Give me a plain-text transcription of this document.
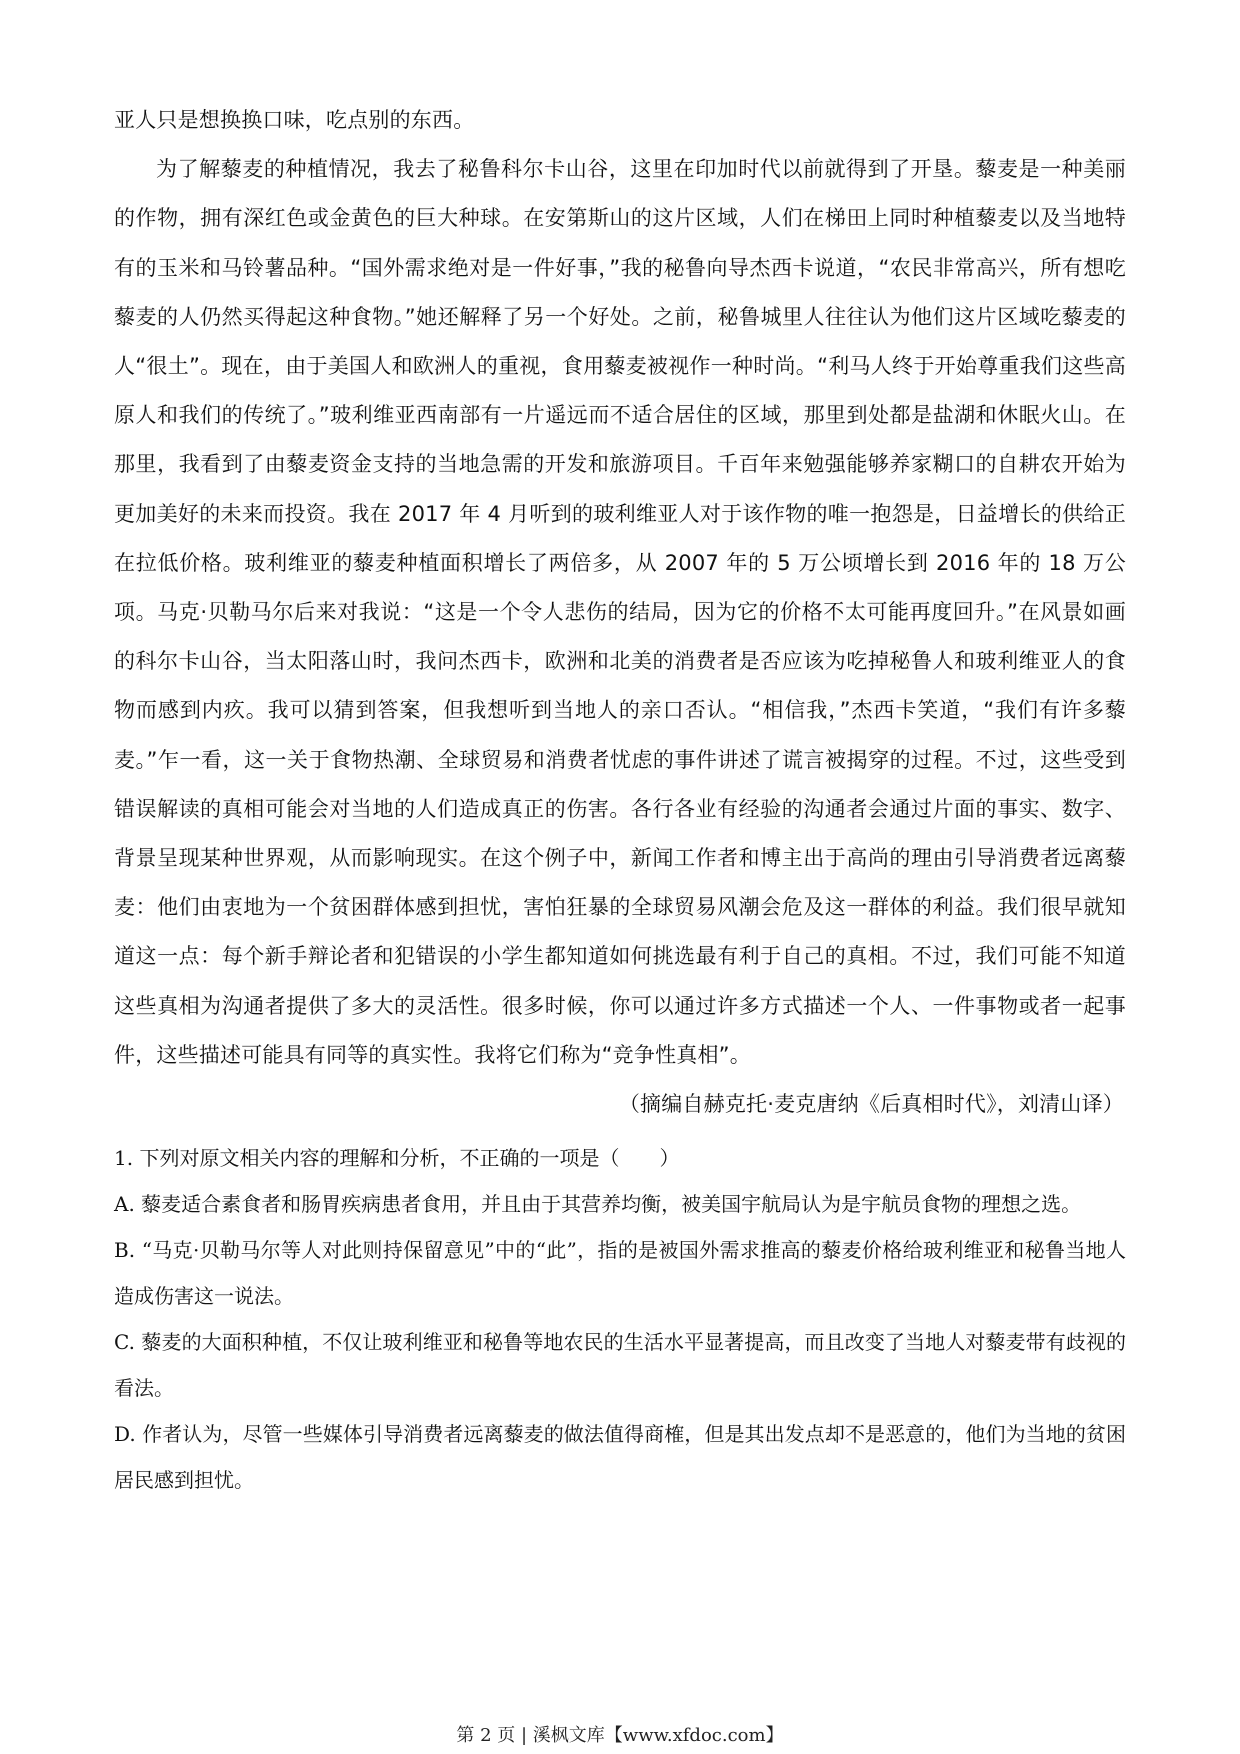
亚人只是想换换口味，吃点别的东西。

为了解藜麦的种植情况，我去了秘鲁科尔卡山谷，这里在印加时代以前就得到了开垦。藜麦是一种美丽的作物，拥有深红色或金黄色的巨大种球。在安第斯山的这片区域，人们在梯田上同时种植藜麦以及当地特有的玉米和马铃薯品种。“国外需求绝对是一件好事，”我的秘鲁向导杰西卡说道，“农民非常高兴，所有想吃藜麦的人仍然买得起这种食物。”她还解释了另一个好处。之前，秘鲁城里人往往认为他们这片区域吃藜麦的人“很土”。现在，由于美国人和欧洲人的重视，食用藜麦被视作一种时尚。“利马人终于开始尊重我们这些高原人和我们的传统了。”玻利维亚西南部有一片遥远而不适合居住的区域，那里到处都是盐湖和休眠火山。在那里，我看到了由藜麦资金支持的当地急需的开发和旅游项目。千百年来勉强能够养家糊口的自耕农开始为更加美好的未来而投资。我在 2017 年 4 月听到的玻利维亚人对于该作物的唯一抱怨是，日益增长的供给正在拉低价格。玻利维亚的藜麦种植面积增长了两倍多，从 2007 年的 5 万公顷增长到 2016 年的 18 万公项。马克·贝勒马尔后来对我说：“这是一个令人悲伤的结局，因为它的价格不太可能再度回升。”在风景如画的科尔卡山谷，当太阳落山时，我问杰西卡，欧洲和北美的消费者是否应该为吃掉秘鲁人和玻利维亚人的食物而感到内疚。我可以猜到答案，但我想听到当地人的亲口否认。“相信我，”杰西卡笑道，“我们有许多藜麦。”乍一看，这一关于食物热潮、全球贸易和消费者忧虑的事件讲述了谎言被揭穿的过程。不过，这些受到错误解读的真相可能会对当地的人们造成真正的伤害。各行各业有经验的沟通者会通过片面的事实、数字、背景呈现某种世界观，从而影响现实。在这个例子中，新闻工作者和博主出于高尚的理由引导消费者远离藜麦：他们由衷地为一个贫困群体感到担忧，害怕狂暴的全球贸易风潮会危及这一群体的利益。我们很早就知道这一点：每个新手辩论者和犯错误的小学生都知道如何挑选最有利于自己的真相。不过，我们可能不知道这些真相为沟通者提供了多大的灵活性。很多时候，你可以通过许多方式描述一个人、一件事物或者一起事件，这些描述可能具有同等的真实性。我将它们称为“竞争性真相”。

（摘编自赫克托·麦克唐纳《后真相时代》，刘清山译）

1. 下列对原文相关内容的理解和分析，不正确的一项是（　　）

A. 藜麦适合素食者和肠胃疾病患者食用，并且由于其营养均衡，被美国宇航局认为是宇航员食物的理想之选。

B. “马克·贝勒马尔等人对此则持保留意见”中的“此”，指的是被国外需求推高的藜麦价格给玻利维亚和秘鲁当地人造成伤害这一说法。

C. 藜麦的大面积种植，不仅让玻利维亚和秘鲁等地农民的生活水平显著提高，而且改变了当地人对藜麦带有歧视的看法。

D. 作者认为，尽管一些媒体引导消费者远离藜麦的做法值得商榷，但是其出发点却不是恶意的，他们为当地的贫困居民感到担忧。

第 2 页 | 溪枫文库【www.xfdoc.com】
